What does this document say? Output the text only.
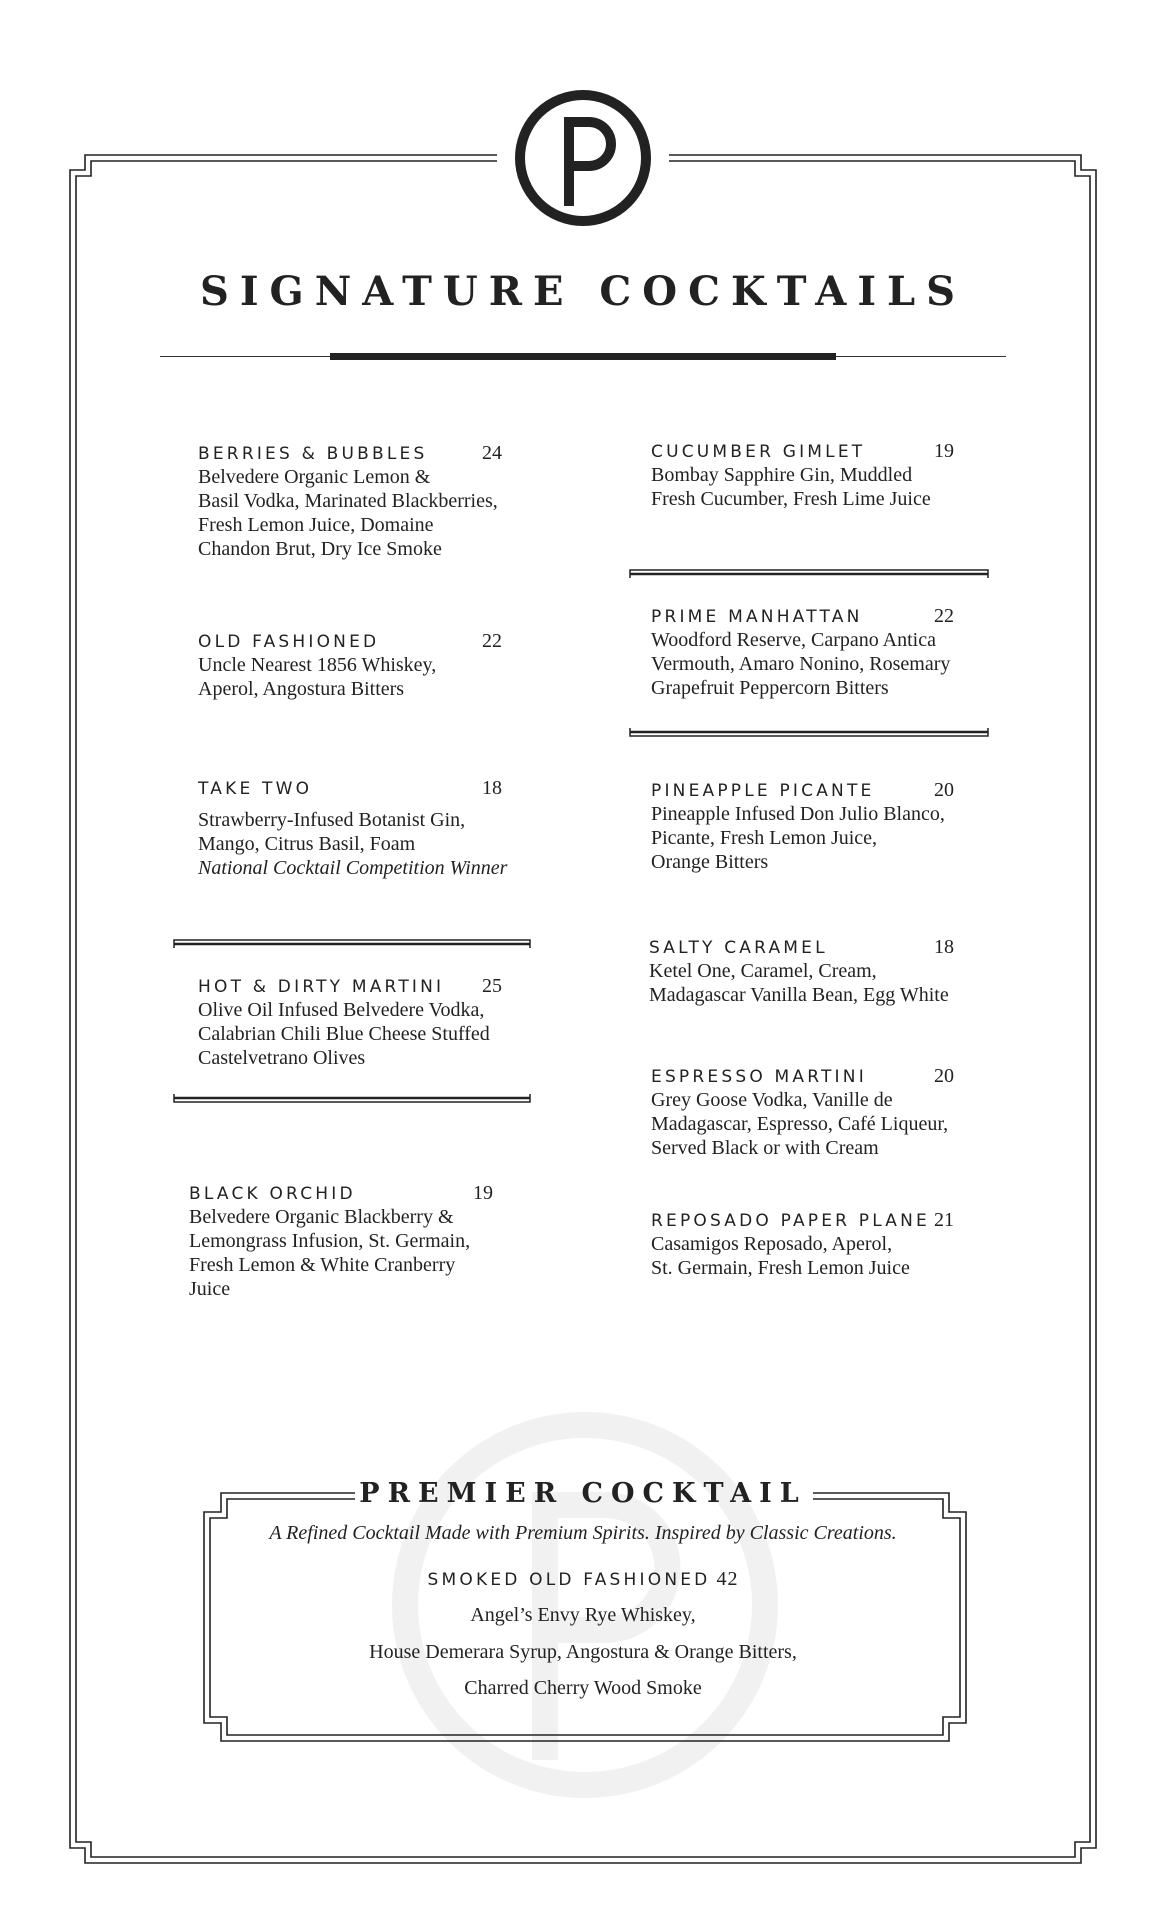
SIGNATURE COCKTAILS
BERRIES & BUBBLES	24
Belvedere Organic Lemon &
Basil Vodka, Marinated Blackberries,
Fresh Lemon Juice, Domaine
Chandon Brut, Dry Ice Smoke
OLD FASHIONED	22
Uncle Nearest 1856 Whiskey,
Aperol, Angostura Bitters
TAKE TWO	18
Strawberry-Infused Botanist Gin,
Mango, Citrus Basil, Foam
National Cocktail Competition Winner
HOT & DIRTY MARTINI 25
Olive Oil Infused Belvedere Vodka,
Calabrian Chili Blue Cheese Stuffed
Castelvetrano Olives
BLACK ORCHID	19
Belvedere Organic Blackberry &
Lemongrass Infusion, St. Germain,
Fresh Lemon & White Cranberry Juice
CUCUMBER GIMLET	19
Bombay Sapphire Gin, Muddled
Fresh Cucumber, Fresh Lime Juice
PRIME MANHATTAN	22
Woodford Reserve, Carpano Antica
Vermouth, Amaro Nonino, Rosemary
Grapefruit Peppercorn Bitters
PINEAPPLE PICANTE	20
Pineapple Infused Don Julio Blanco,
Picante, Fresh Lemon Juice,
Orange Bitters
SALTY CARAMEL	18
Ketel One, Caramel, Cream,
Madagascar Vanilla Bean, Egg White
ESPRESSO MARTINI	20
Grey Goose Vodka, Vanille de
Madagascar, Espresso, Café Liqueur,
Served Black or with Cream
REPOSADO PAPER PLANE 21
Casamigos Reposado, Aperol,
St. Germain, Fresh Lemon Juice
PREMIER COCKTAIL
A Refined Cocktail Made with Premium Spirits. Inspired by Classic Creations.
SMOKED OLD FASHIONED 42
Angel’s Envy Rye Whiskey,
House Demerara Syrup, Angostura & Orange Bitters,
Charred Cherry Wood Smoke
